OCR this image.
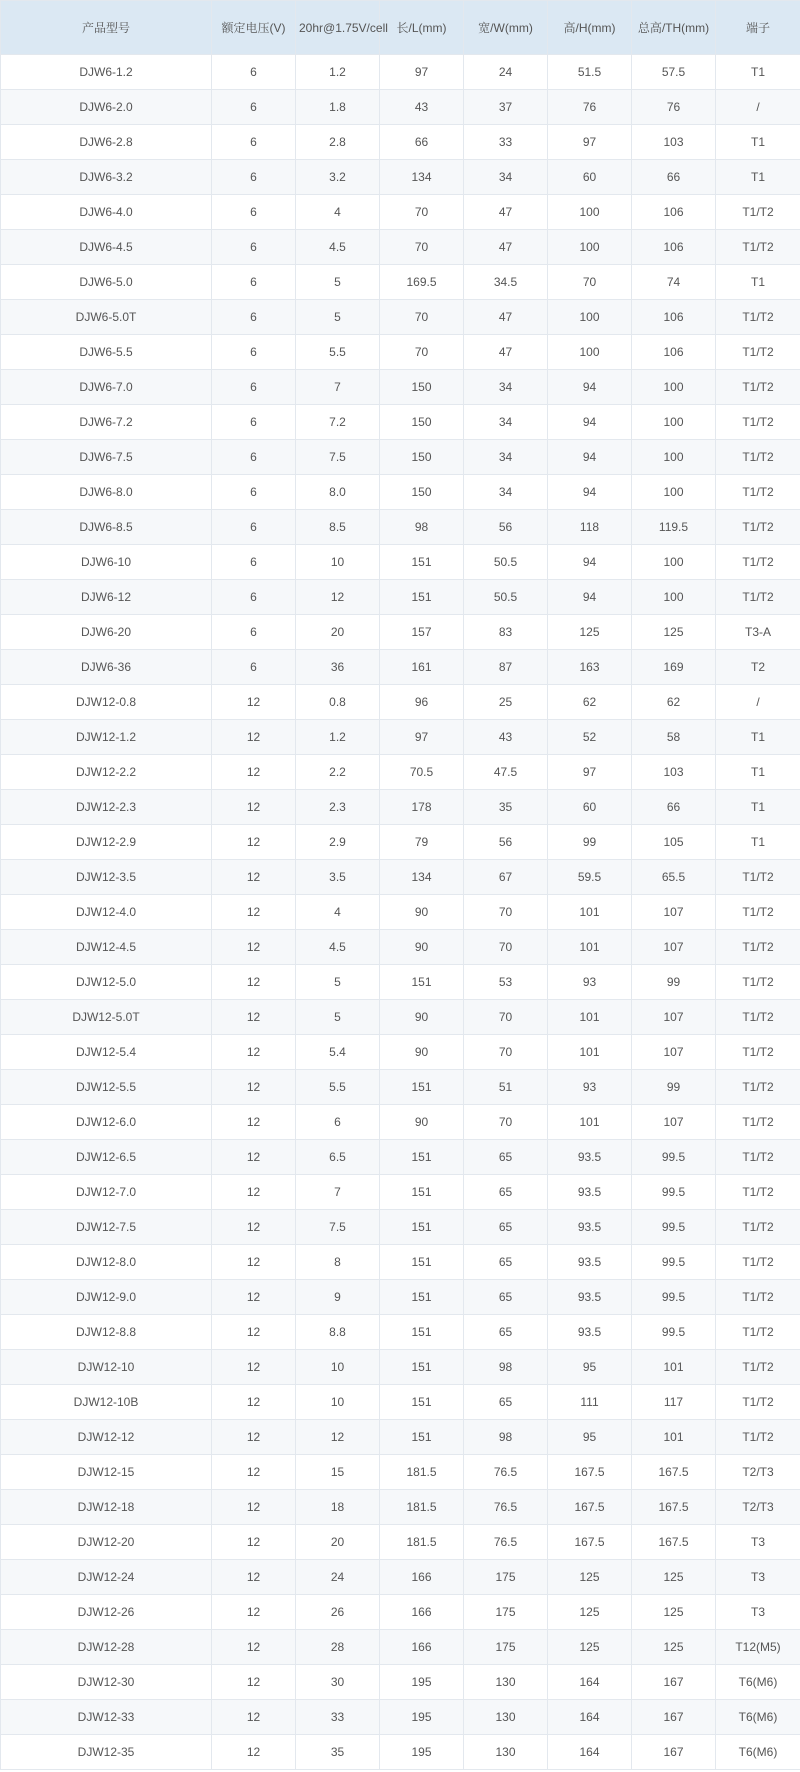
产品型号	额定电压(V)	20hr@1.75V/cell	长/L(mm)	宽/W(mm)	高/H(mm)	总高/TH(mm)	端子
DJW6-1.2	6	1.2	97	24	51.5	57.5	T1
DJW6-2.0	6	1.8	43	37	76	76	/
DJW6-2.8	6	2.8	66	33	97	103	T1
DJW6-3.2	6	3.2	134	34	60	66	T1
DJW6-4.0	6	4	70	47	100	106	T1/T2
DJW6-4.5	6	4.5	70	47	100	106	T1/T2
DJW6-5.0	6	5	169.5	34.5	70	74	T1
DJW6-5.0T	6	5	70	47	100	106	T1/T2
DJW6-5.5	6	5.5	70	47	100	106	T1/T2
DJW6-7.0	6	7	150	34	94	100	T1/T2
DJW6-7.2	6	7.2	150	34	94	100	T1/T2
DJW6-7.5	6	7.5	150	34	94	100	T1/T2
DJW6-8.0	6	8.0	150	34	94	100	T1/T2
DJW6-8.5	6	8.5	98	56	118	119.5	T1/T2
DJW6-10	6	10	151	50.5	94	100	T1/T2
DJW6-12	6	12	151	50.5	94	100	T1/T2
DJW6-20	6	20	157	83	125	125	T3-A
DJW6-36	6	36	161	87	163	169	T2
DJW12-0.8	12	0.8	96	25	62	62	/
DJW12-1.2	12	1.2	97	43	52	58	T1
DJW12-2.2	12	2.2	70.5	47.5	97	103	T1
DJW12-2.3	12	2.3	178	35	60	66	T1
DJW12-2.9	12	2.9	79	56	99	105	T1
DJW12-3.5	12	3.5	134	67	59.5	65.5	T1/T2
DJW12-4.0	12	4	90	70	101	107	T1/T2
DJW12-4.5	12	4.5	90	70	101	107	T1/T2
DJW12-5.0	12	5	151	53	93	99	T1/T2
DJW12-5.0T	12	5	90	70	101	107	T1/T2
DJW12-5.4	12	5.4	90	70	101	107	T1/T2
DJW12-5.5	12	5.5	151	51	93	99	T1/T2
DJW12-6.0	12	6	90	70	101	107	T1/T2
DJW12-6.5	12	6.5	151	65	93.5	99.5	T1/T2
DJW12-7.0	12	7	151	65	93.5	99.5	T1/T2
DJW12-7.5	12	7.5	151	65	93.5	99.5	T1/T2
DJW12-8.0	12	8	151	65	93.5	99.5	T1/T2
DJW12-9.0	12	9	151	65	93.5	99.5	T1/T2
DJW12-8.8	12	8.8	151	65	93.5	99.5	T1/T2
DJW12-10	12	10	151	98	95	101	T1/T2
DJW12-10B	12	10	151	65	111	117	T1/T2
DJW12-12	12	12	151	98	95	101	T1/T2
DJW12-15	12	15	181.5	76.5	167.5	167.5	T2/T3
DJW12-18	12	18	181.5	76.5	167.5	167.5	T2/T3
DJW12-20	12	20	181.5	76.5	167.5	167.5	T3
DJW12-24	12	24	166	175	125	125	T3
DJW12-26	12	26	166	175	125	125	T3
DJW12-28	12	28	166	175	125	125	T12(M5)
DJW12-30	12	30	195	130	164	167	T6(M6)
DJW12-33	12	33	195	130	164	167	T6(M6)
DJW12-35	12	35	195	130	164	167	T6(M6)
